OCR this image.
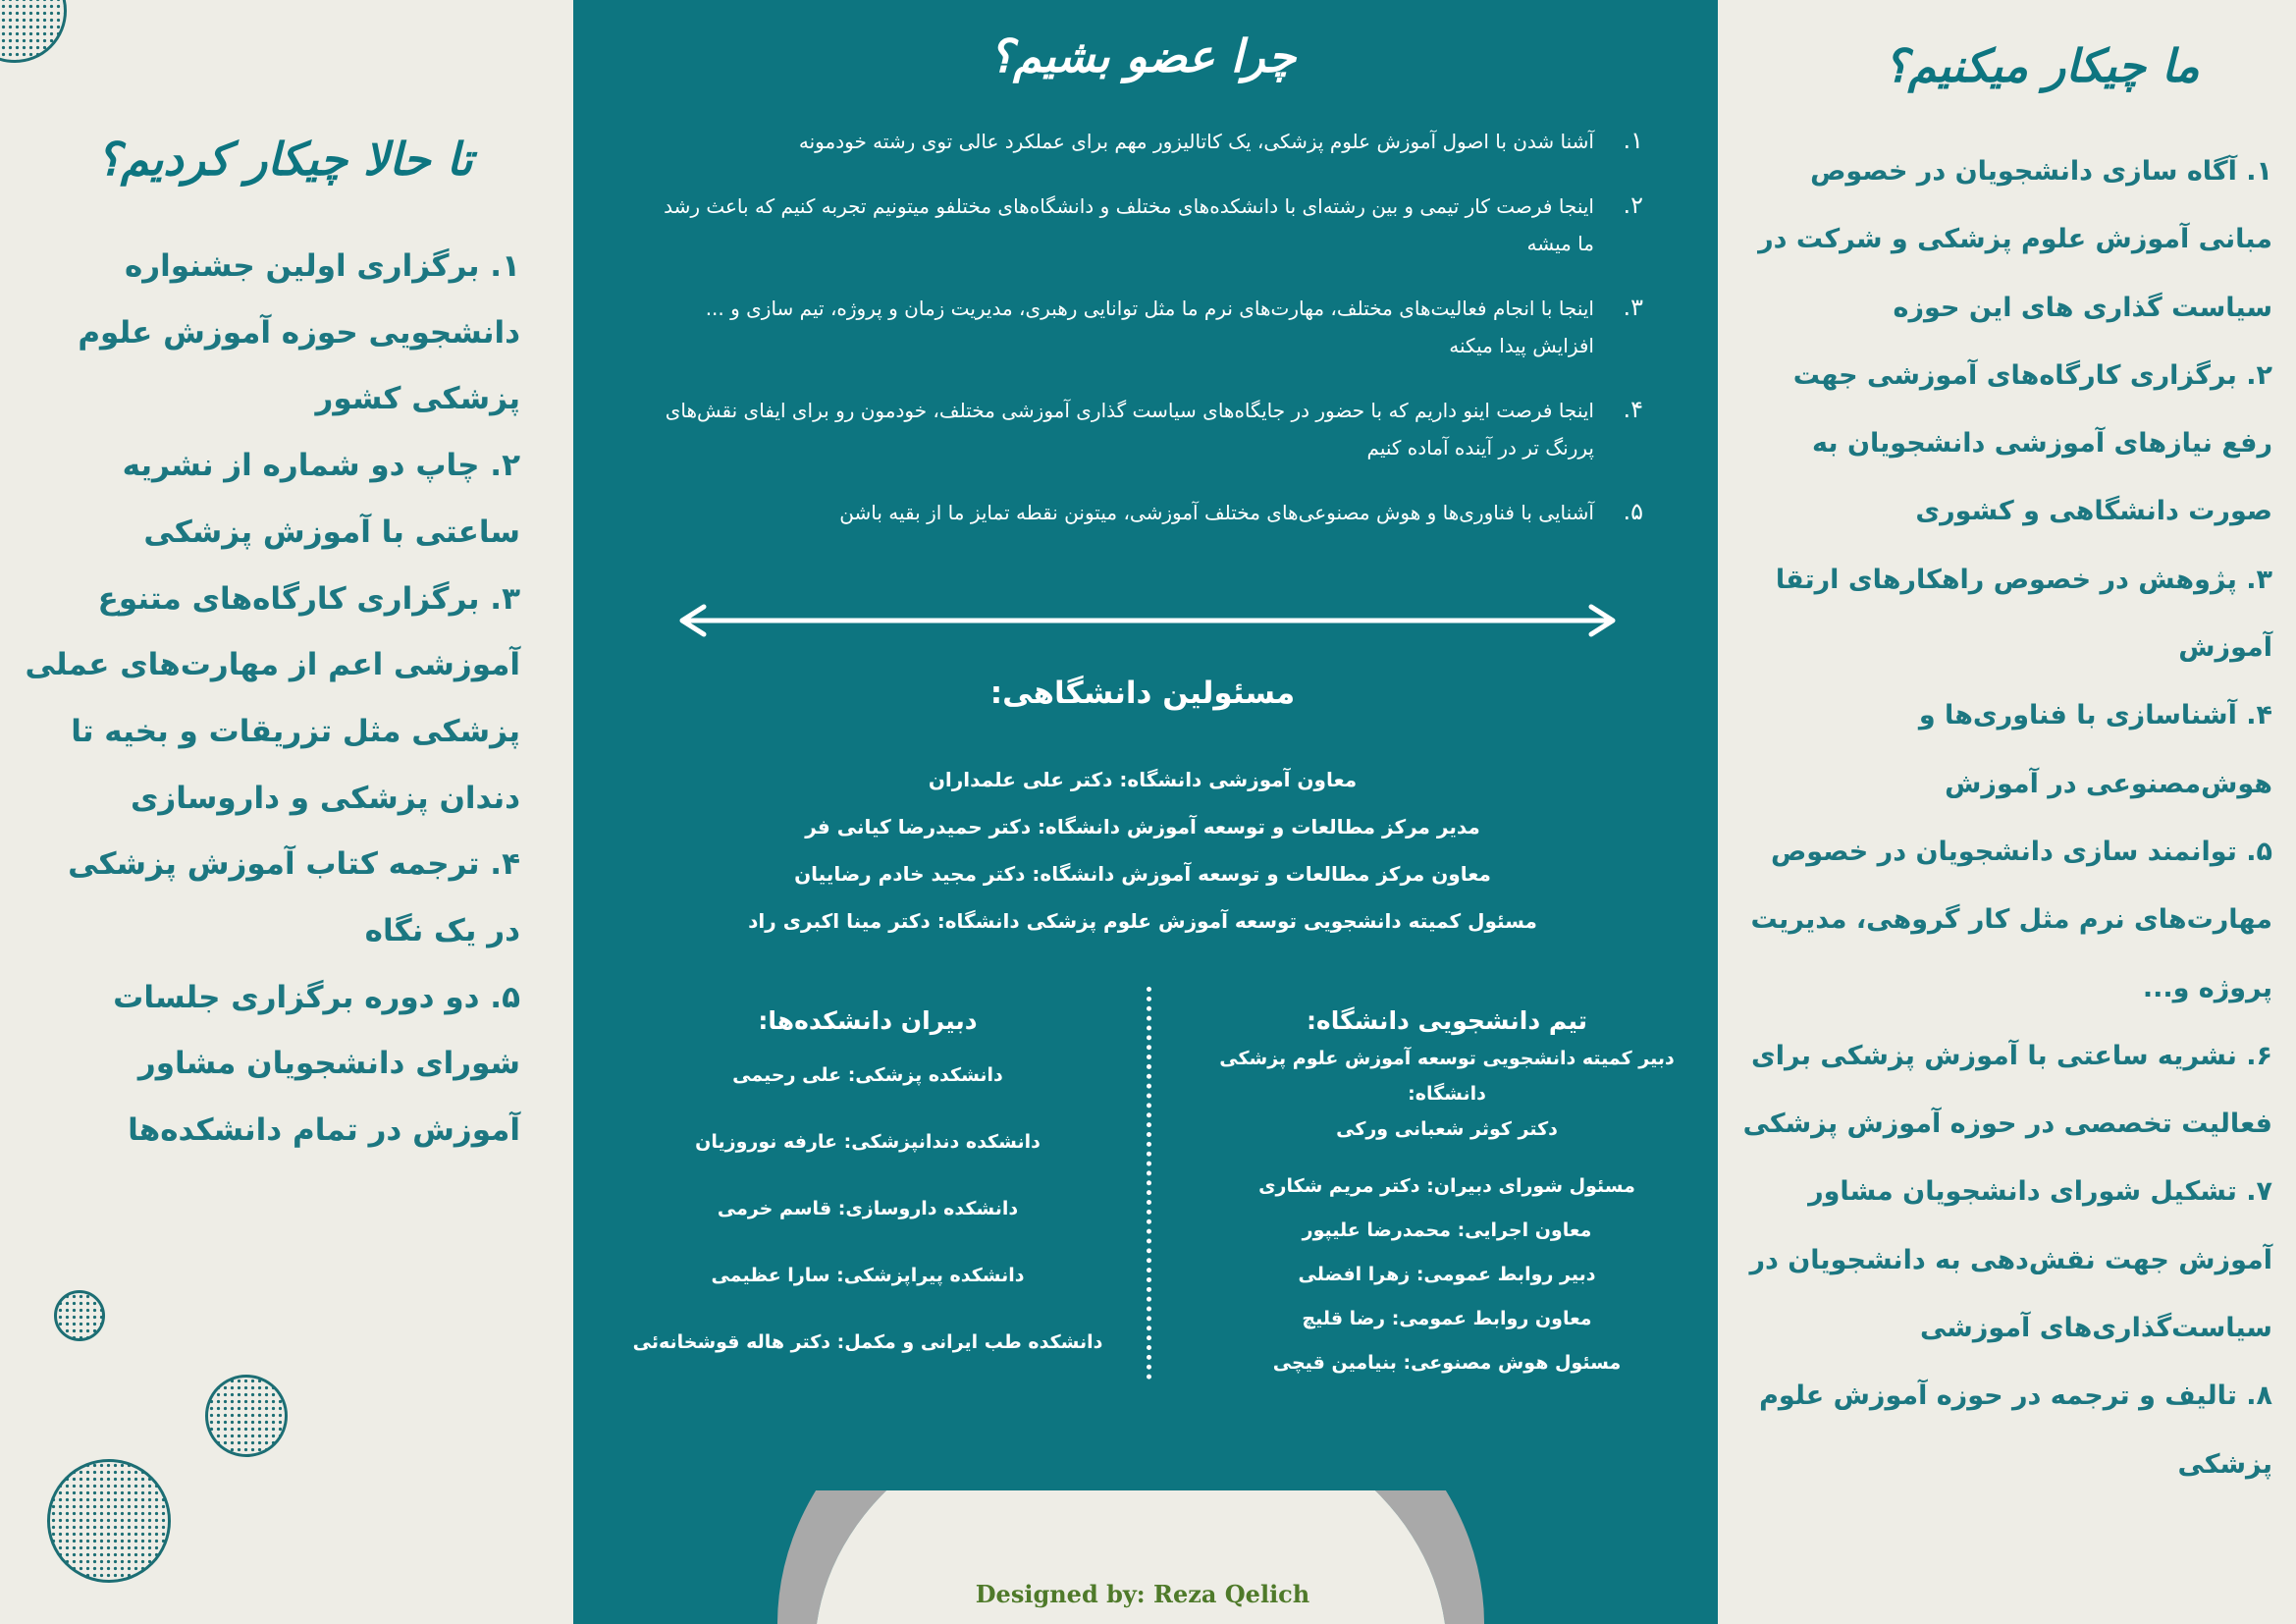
تا حالا چیکار کردیم؟
۱. برگزاری اولین جشنواره دانشجویی حوزه آموزش علوم پزشکی کشور
۲. چاپ دو شماره از نشریه ساعتی با آموزش پزشکی
۳. برگزاری کارگاه‌های متنوع آموزشی اعم از مهارت‌های عملی پزشکی مثل تزریقات و بخیه تا دندان پزشکی و داروسازی
۴. ترجمه کتاب آموزش پزشکی در یک نگاه
۵. دو دوره برگزاری جلسات شورای دانشجویان مشاور آموزش در تمام دانشکده‌ها
چرا عضو بشیم؟
۱.
آشنا شدن با اصول آموزش علوم پزشکی، یک کاتالیزور مهم برای عملکرد عالی توی رشته خودمونه
۲.
اینجا فرصت کار تیمی و بین رشته‌ای با دانشکده‌های مختلف و دانشگاه‌های مختلفو میتونیم تجربه کنیم که باعث رشد ما میشه
۳.
اینجا با انجام فعالیت‌های مختلف، مهارت‌های نرم ما مثل توانایی رهبری، مدیریت زمان و پروژه، تیم سازی و ... افزایش پیدا میکنه
۴.
اینجا فرصت اینو داریم که با حضور در جایگاه‌های سیاست گذاری آموزشی مختلف، خودمون رو برای ایفای نقش‌های پررنگ تر در آینده آماده کنیم
۵.
آشنایی با فناوری‌ها و هوش مصنوعی‌های مختلف آموزشی، میتونن نقطه تمایز ما از بقیه باشن
مسئولین دانشگاهی:
معاون آموزشی دانشگاه: دکتر علی علمداران
مدیر مرکز مطالعات و توسعه آموزش دانشگاه: دکتر حمیدرضا کیانی فر
معاون مرکز مطالعات و توسعه آموزش دانشگاه: دکتر مجید خادم رضاییان
مسئول کمیته دانشجویی توسعه آموزش علوم پزشکی دانشگاه: دکتر مینا اکبری راد
تیم دانشجویی دانشگاه:

دبیر کمیته دانشجویی توسعه آموزش علوم پزشکی دانشگاه:
دکتر کوثر شعبانی ورکی

مسئول شورای دبیران: دکتر مریم شکاری
معاون اجرایی: محمدرضا علیپور
دبیر روابط عمومی: زهرا افضلی
معاون روابط عمومی: رضا قلیچ
مسئول هوش مصنوعی: بنیامین قیچی
دبیران دانشکده‌ها:
دانشکده پزشکی: علی رحیمی
دانشکده دندانپزشکی: عارفه نوروزیان
دانشکده داروسازی: قاسم خرمی
دانشکده پیراپزشکی: سارا عظیمی
دانشکده طب ایرانی و مکمل: دکتر هاله قوشخانه‌ئی
Designed by: Reza Qelich
ما چیکار میکنیم؟
۱. آگاه سازی دانشجویان در خصوص مبانی آموزش علوم پزشکی و شرکت در سیاست گذاری های این حوزه
۲. برگزاری کارگاه‌های آموزشی جهت رفع نیازهای آموزشی دانشجویان به صورت دانشگاهی و کشوری
۳. پژوهش در خصوص راهکارهای ارتقا آموزش
۴. آشناسازی با فناوری‌ها و هوش‌مصنوعی در آموزش
۵. توانمند سازی دانشجویان در خصوص مهارت‌های نرم مثل کار گروهی، مدیریت پروژه و...
۶. نشریه ساعتی با آموزش پزشکی برای فعالیت تخصصی در حوزه آموزش پزشکی
۷. تشکیل شورای دانشجویان مشاور آموزش جهت نقش‌دهی به دانشجویان در سیاست‌گذاری‌های آموزشی
۸. تالیف و ترجمه در حوزه آموزش علوم پزشکی
